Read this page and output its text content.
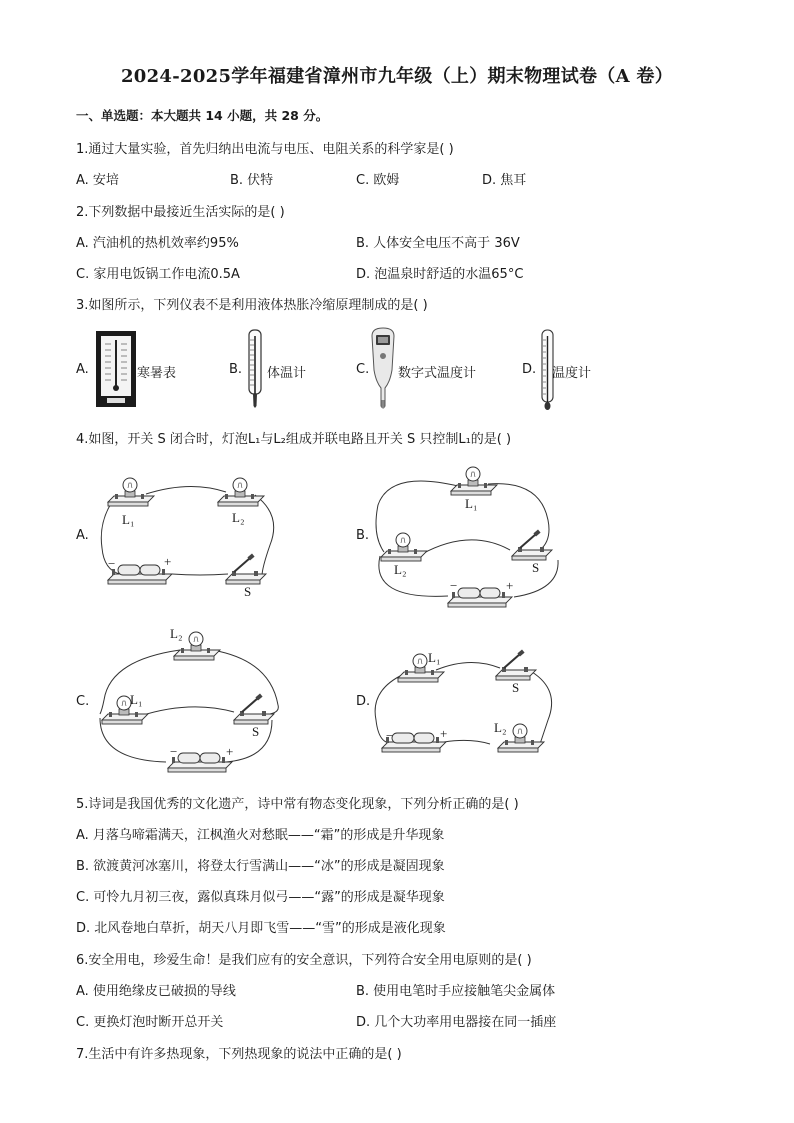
2024-2025学年福建省漳州市九年级（上）期末物理试卷（A 卷）
一、单选题：本大题共 14 小题，共 28 分。
1.通过大量实验，首先归纳出电流与电压、电阻关系的科学家是( )
A. 安培	B. 伏特	C. 欧姆	D. 焦耳
2.下列数据中最接近生活实际的是( )
A. 汽油机的热机效率约95%	B. 人体安全电压不高于 36V
C. 家用电饭锅工作电流0.5A	D. 泡温泉时舒适的水温65°C
3.如图所示，下列仪表不是利用液体热胀冷缩原理制成的是( )
A.	寒暑表	B. 体温计	C. 数字式温度计	D. 温度计
4.如图，开关 S 闭合时，灯泡L₁与L₂组成并联电路且开关 S 只控制L₁的是( )
A.
L₁	L₂
−	+
S
B.
L₁
L₂	S
−	+
C.
L₂
L₁
S
−	+
D.
L₁
S
−	+	L₂
5.诗词是我国优秀的文化遗产，诗中常有物态变化现象，下列分析正确的是( )
A. 月落乌啼霜满天，江枫渔火对愁眠——“霜”的形成是升华现象
B. 欲渡黄河冰塞川，将登太行雪满山——“冰”的形成是凝固现象
C. 可怜九月初三夜，露似真珠月似弓——“露”的形成是凝华现象
D. 北风卷地白草折，胡天八月即飞雪——“雪”的形成是液化现象
6.安全用电，珍爱生命！是我们应有的安全意识，下列符合安全用电原则的是( )
A. 使用绝缘皮已破损的导线	B. 使用电笔时手应接触笔尖金属体
C. 更换灯泡时断开总开关	D. 几个大功率用电器接在同一插座
7.生活中有许多热现象，下列热现象的说法中正确的是( )
